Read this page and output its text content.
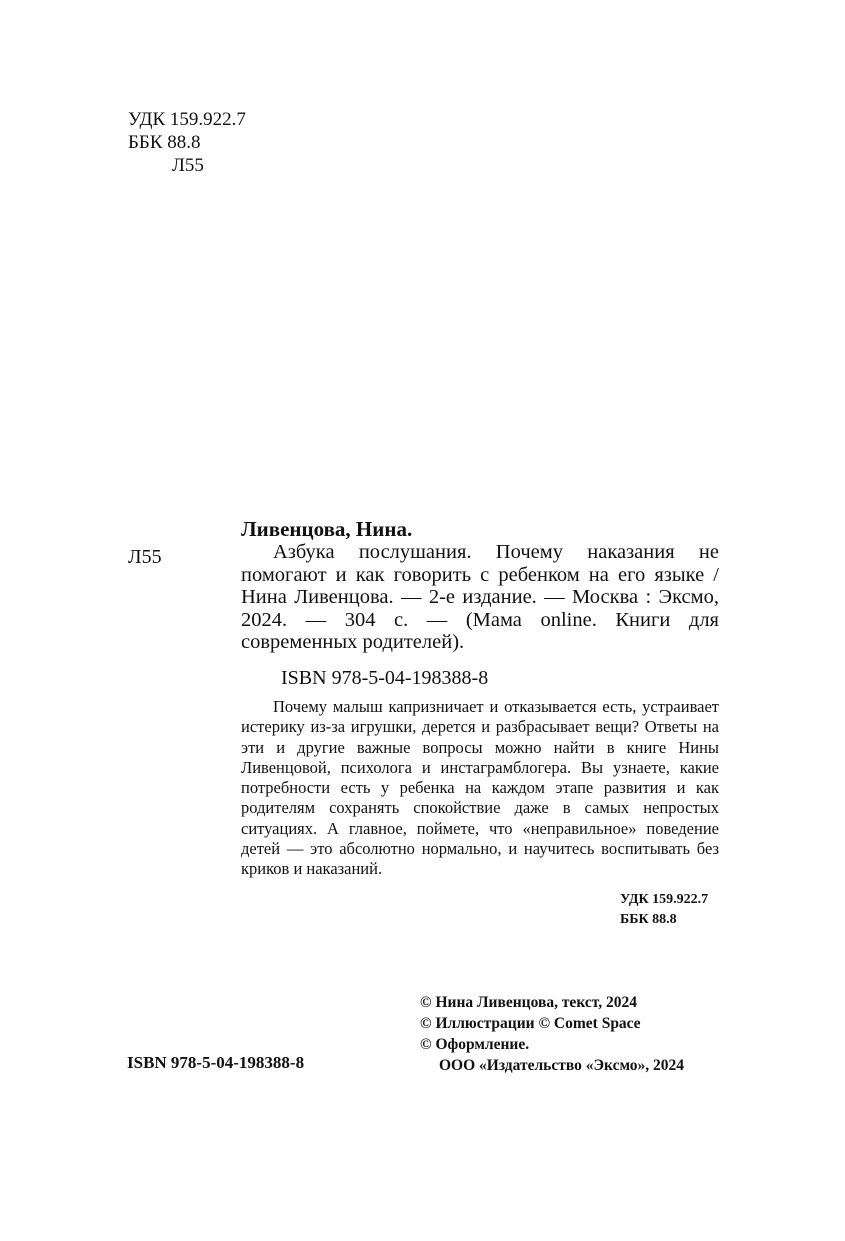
УДК 159.922.7
ББК 88.8
Л55
Ливенцова, Нина.
Л55	Азбука послушания. Почему наказания не помогают и как говорить с ребенком на его языке / Нина Ливенцова. — 2-е издание. — Москва : Эксмо, 2024. — 304 с. — (Мама online. Книги для современных родителей).

ISBN 978-5-04-198388-8

Почему малыш капризничает и отказывается есть, устраивает истерику из-за игрушки, дерется и разбрасывает вещи? Ответы на эти и другие важные вопросы можно найти в книге Нины Ливенцовой, психолога и инстаграмблогера. Вы узнаете, какие потребности есть у ребенка на каждом этапе развития и как родителям сохранять спокойствие даже в самых непростых ситуациях. А главное, поймете, что «неправильное» поведение детей — это абсолютно нормально, и научитесь воспитывать без криков и наказаний.

УДК 159.922.7
ББК 88.8
© Нина Ливенцова, текст, 2024
© Иллюстрации © Comet Space
© Оформление.
ООО «Издательство «Эксмо», 2024
ISBN 978-5-04-198388-8
